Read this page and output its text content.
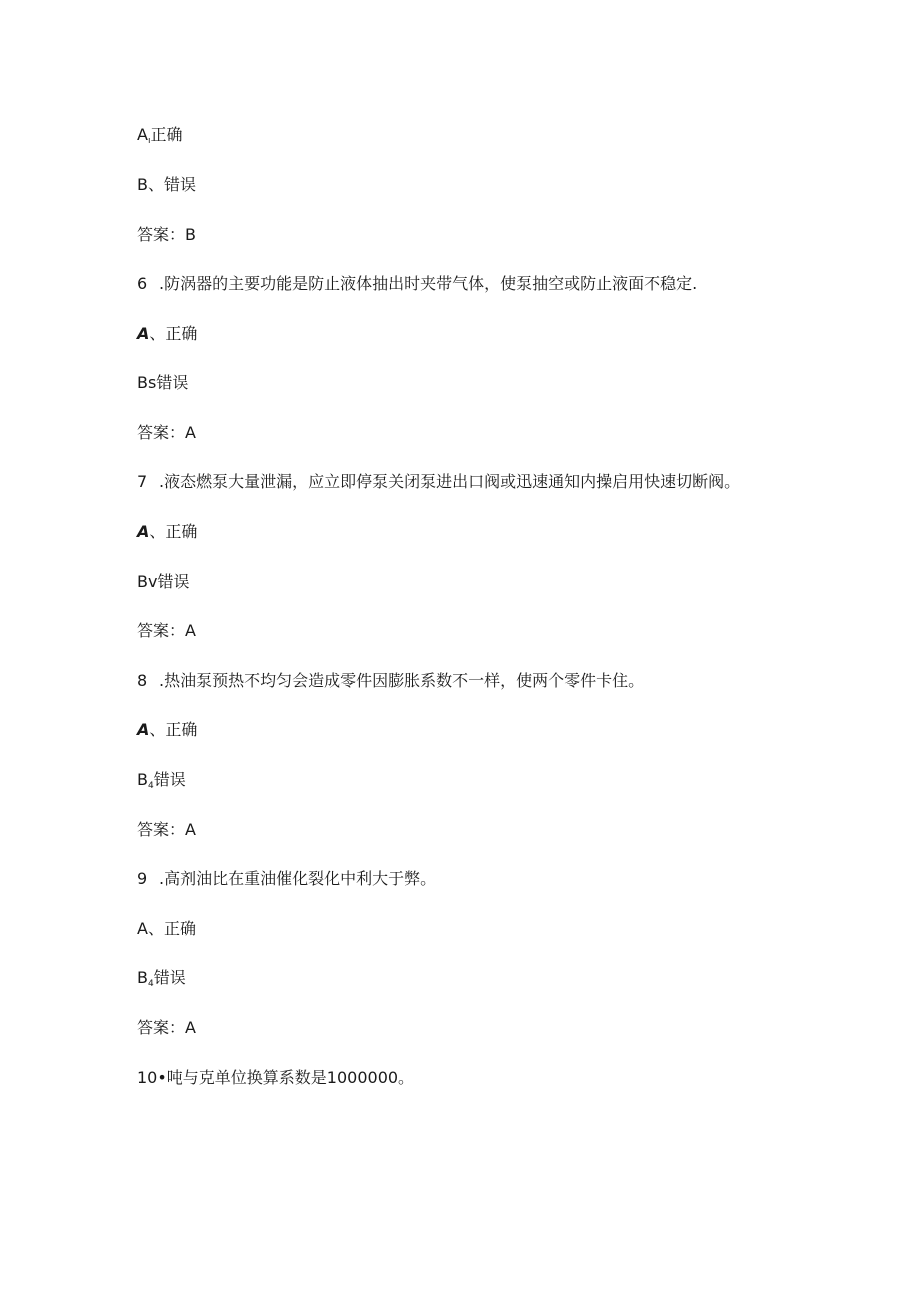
$A_ı$正确
B、错误
答案：B
6 .防涡器的主要功能是防止液体抽出时夹带气体，使泵抽空或防止液面不稳定.
A、正确
Bs错误
答案：A
7 .液态燃泵大量泄漏，应立即停泵关闭泵进出口阀或迅速通知内操启用快速切断阀。
A、正确
Bv错误
答案：A
8 .热油泵预热不均匀会造成零件因膨胀系数不一样，使两个零件卡住。
A、正确
$B_4$错误
答案：A
9 .高剂油比在重油催化裂化中利大于弊。
A、正确
$B_4$错误
答案：A
10•吨与克单位换算系数是1000000。
